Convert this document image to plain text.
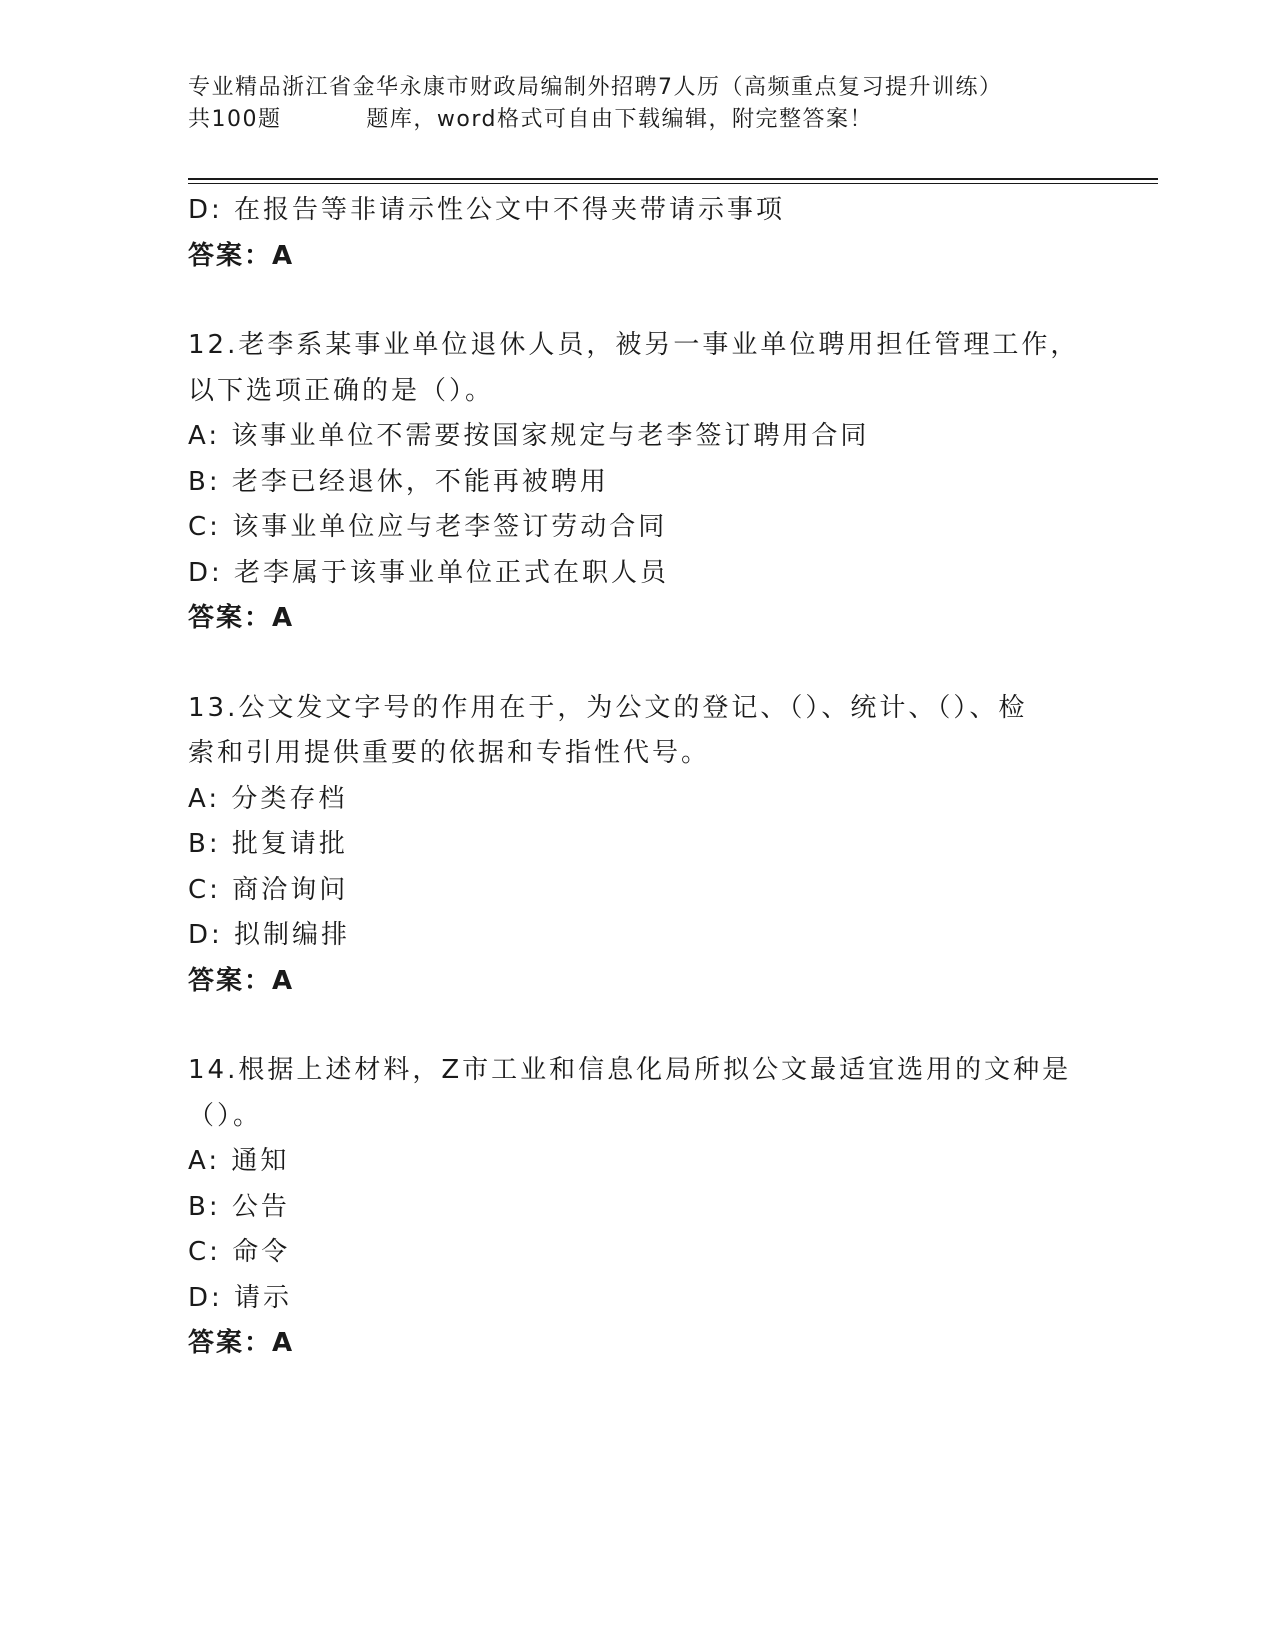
专业精品浙江省金华永康市财政局编制外招聘7人历（高频重点复习提升训练）
共100题          题库，word格式可自由下载编辑，附完整答案！
D: 在报告等非请示性公文中不得夹带请示事项
答案：A
12.老李系某事业单位退休人员，被另一事业单位聘用担任管理工作，
以下选项正确的是（）。
A: 该事业单位不需要按国家规定与老李签订聘用合同
B: 老李已经退休，不能再被聘用
C: 该事业单位应与老李签订劳动合同
D: 老李属于该事业单位正式在职人员
答案：A
13.公文发文字号的作用在于，为公文的登记、（）、统计、（）、检
索和引用提供重要的依据和专指性代号。
A: 分类存档
B: 批复请批
C: 商洽询问
D: 拟制编排
答案：A
14.根据上述材料，Z市工业和信息化局所拟公文最适宜选用的文种是
（）。
A: 通知
B: 公告
C: 命令
D: 请示
答案：A
